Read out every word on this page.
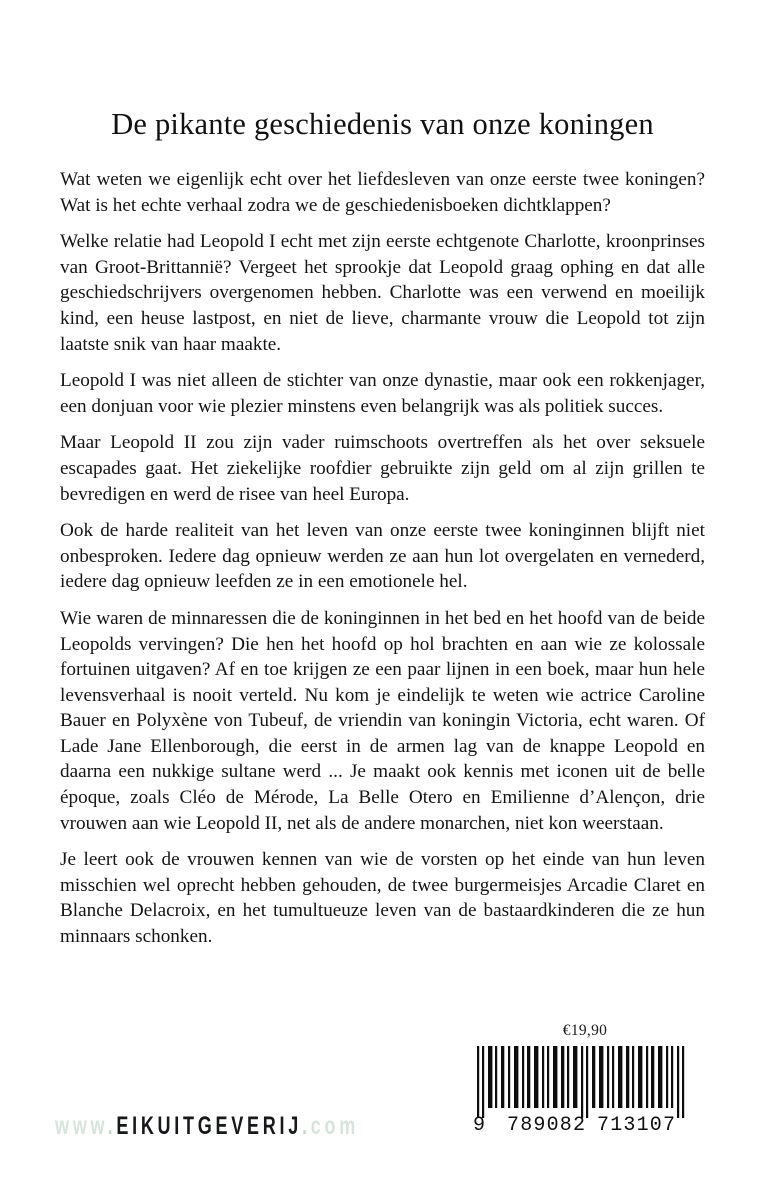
De pikante geschiedenis van onze koningen

Wat weten we eigenlijk echt over het liefdesleven van onze eerste twee koningen? Wat is het echte verhaal zodra we de geschiedenisboeken dichtklappen?

Welke relatie had Leopold I echt met zijn eerste echtgenote Charlotte, kroonprinses van Groot-Brittannië? Vergeet het sprookje dat Leopold graag ophing en dat alle geschiedschrijvers overgenomen hebben. Charlotte was een verwend en moeilijk kind, een heuse lastpost, en niet de lieve, charmante vrouw die Leopold tot zijn laatste snik van haar maakte.

Leopold I was niet alleen de stichter van onze dynastie, maar ook een rokkenjager, een donjuan voor wie plezier minstens even belangrijk was als politiek succes.

Maar Leopold II zou zijn vader ruimschoots overtreffen als het over seksuele escapades gaat. Het ziekelijke roofdier gebruikte zijn geld om al zijn grillen te bevredigen en werd de risee van heel Europa.

Ook de harde realiteit van het leven van onze eerste twee koninginnen blijft niet onbesproken. Iedere dag opnieuw werden ze aan hun lot overgelaten en vernederd, iedere dag opnieuw leefden ze in een emotionele hel.

Wie waren de minnaressen die de koninginnen in het bed en het hoofd van de beide Leopolds vervingen? Die hen het hoofd op hol brachten en aan wie ze kolossale fortuinen uitgaven? Af en toe krijgen ze een paar lijnen in een boek, maar hun hele levensverhaal is nooit verteld. Nu kom je eindelijk te weten wie actrice Caroline Bauer en Polyxène von Tubeuf, de vriendin van koningin Victoria, echt waren. Of Lade Jane Ellenborough, die eerst in de armen lag van de knappe Leopold en daarna een nukkige sultane werd ... Je maakt ook kennis met iconen uit de belle époque, zoals Cléo de Mérode, La Belle Otero en Emilienne d’Alençon, drie vrouwen aan wie Leopold II, net als de andere monarchen, niet kon weerstaan.

Je leert ook de vrouwen kennen van wie de vorsten op het einde van hun leven misschien wel oprecht hebben gehouden, de twee burgermeisjes Arcadie Claret en Blanche Delacroix, en het tumultueuze leven van de bastaardkinderen die ze hun minnaars schonken.

€19,90

9

789082

713107

www.EIKUITGEVERIJ.com
